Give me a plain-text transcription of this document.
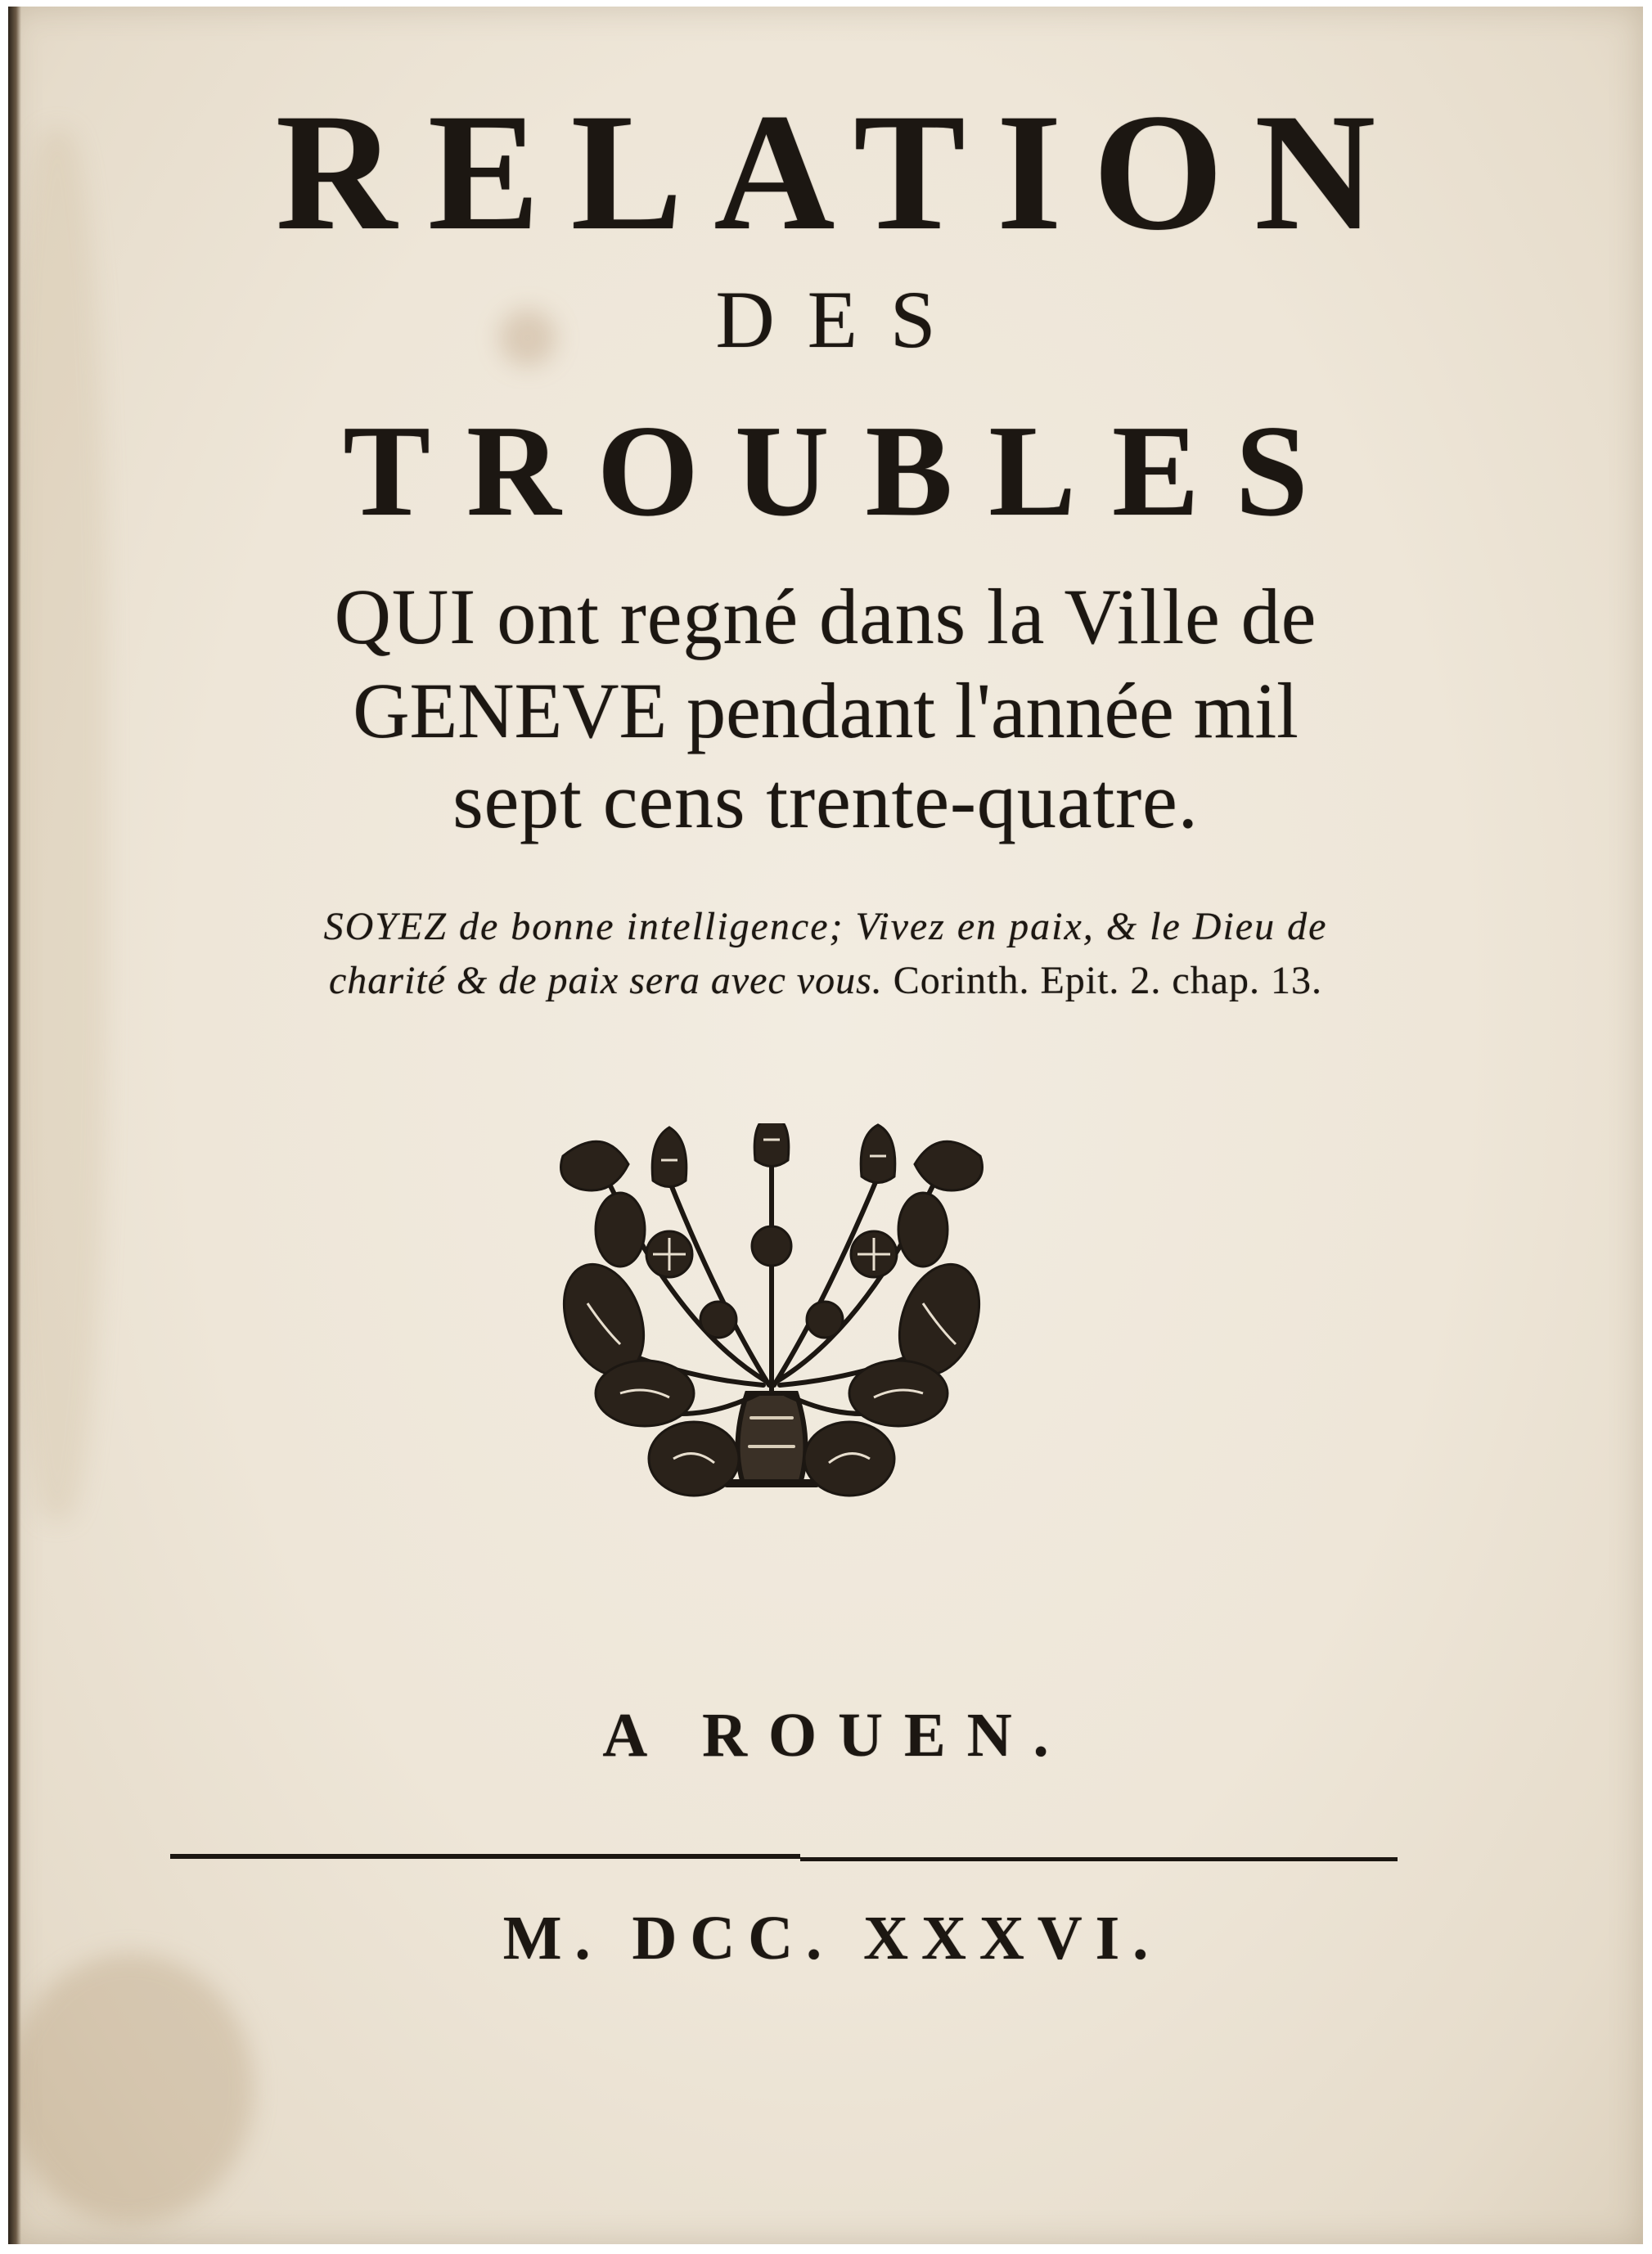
RELATION

DES

TROUBLES

QUI ont regné dans la Ville de

GENEVE pendant l'année mil

sept cens trente-quatre.

SOYEZ de bonne intelligence; Vivez en paix, & le Dieu de

charité & de paix sera avec vous. Corinth. Epit. 2. chap. 13.

A ROUEN.

M. DCC. XXXVI.
